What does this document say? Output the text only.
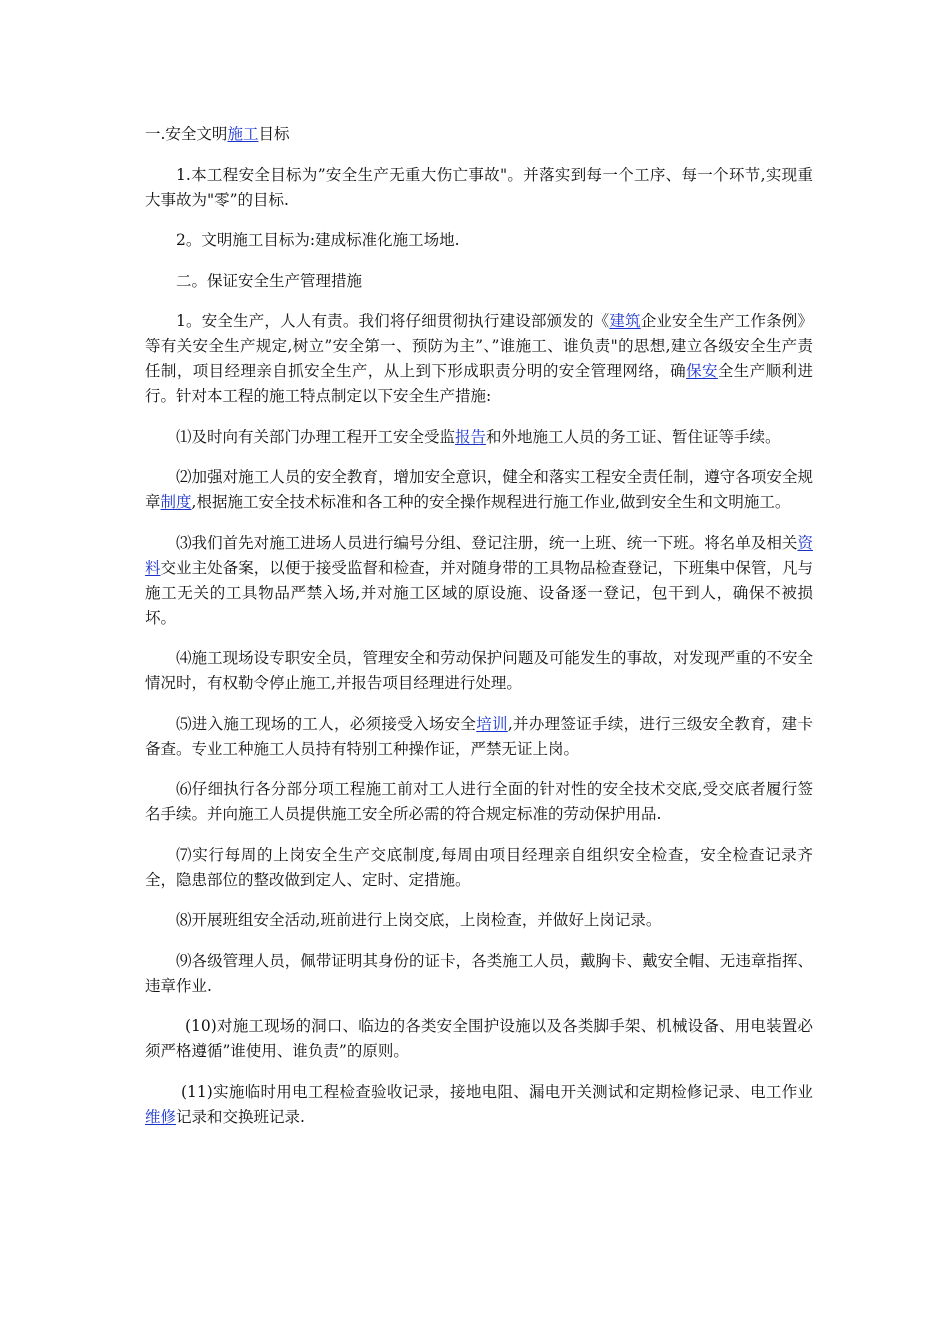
一.安全文明施工目标

1.本工程安全目标为”安全生产无重大伤亡事故"。并落实到每一个工序、每一个环节,实现重大事故为"零”的目标.

2。文明施工目标为:建成标准化施工场地.

二。保证安全生产管理措施

1。安全生产，人人有责。我们将仔细贯彻执行建设部颁发的《建筑企业安全生产工作条例》等有关安全生产规定,树立”安全第一、预防为主”、”谁施工、谁负责"的思想,建立各级安全生产责任制，项目经理亲自抓安全生产，从上到下形成职责分明的安全管理网络，确保安全生产顺利进行。针对本工程的施工特点制定以下安全生产措施:

⑴及时向有关部门办理工程开工安全受监报告和外地施工人员的务工证、暂住证等手续。

⑵加强对施工人员的安全教育，增加安全意识，健全和落实工程安全责任制，遵守各项安全规章制度,根据施工安全技术标准和各工种的安全操作规程进行施工作业,做到安全生和文明施工。

⑶我们首先对施工进场人员进行编号分组、登记注册，统一上班、统一下班。将名单及相关资料交业主处备案，以便于接受监督和检查，并对随身带的工具物品检查登记，下班集中保管，凡与施工无关的工具物品严禁入场,并对施工区域的原设施、设备逐一登记，包干到人，确保不被损坏。

⑷施工现场设专职安全员，管理安全和劳动保护问题及可能发生的事故，对发现严重的不安全情况时，有权勒令停止施工,并报告项目经理进行处理。

⑸进入施工现场的工人，必须接受入场安全培训,并办理签证手续，进行三级安全教育，建卡备查。专业工种施工人员持有特别工种操作证，严禁无证上岗。

⑹仔细执行各分部分项工程施工前对工人进行全面的针对性的安全技术交底,受交底者履行签名手续。并向施工人员提供施工安全所必需的符合规定标准的劳动保护用品.

⑺实行每周的上岗安全生产交底制度,每周由项目经理亲自组织安全检查，安全检查记录齐全，隐患部位的整改做到定人、定时、定措施。

⑻开展班组安全活动,班前进行上岗交底，上岗检查，并做好上岗记录。

⑼各级管理人员，佩带证明其身份的证卡，各类施工人员，戴胸卡、戴安全帽、无违章指挥、违章作业.

(10)对施工现场的洞口、临边的各类安全围护设施以及各类脚手架、机械设备、用电装置必须严格遵循”谁使用、谁负责”的原则。

(11)实施临时用电工程检查验收记录，接地电阻、漏电开关测试和定期检修记录、电工作业维修记录和交换班记录.
